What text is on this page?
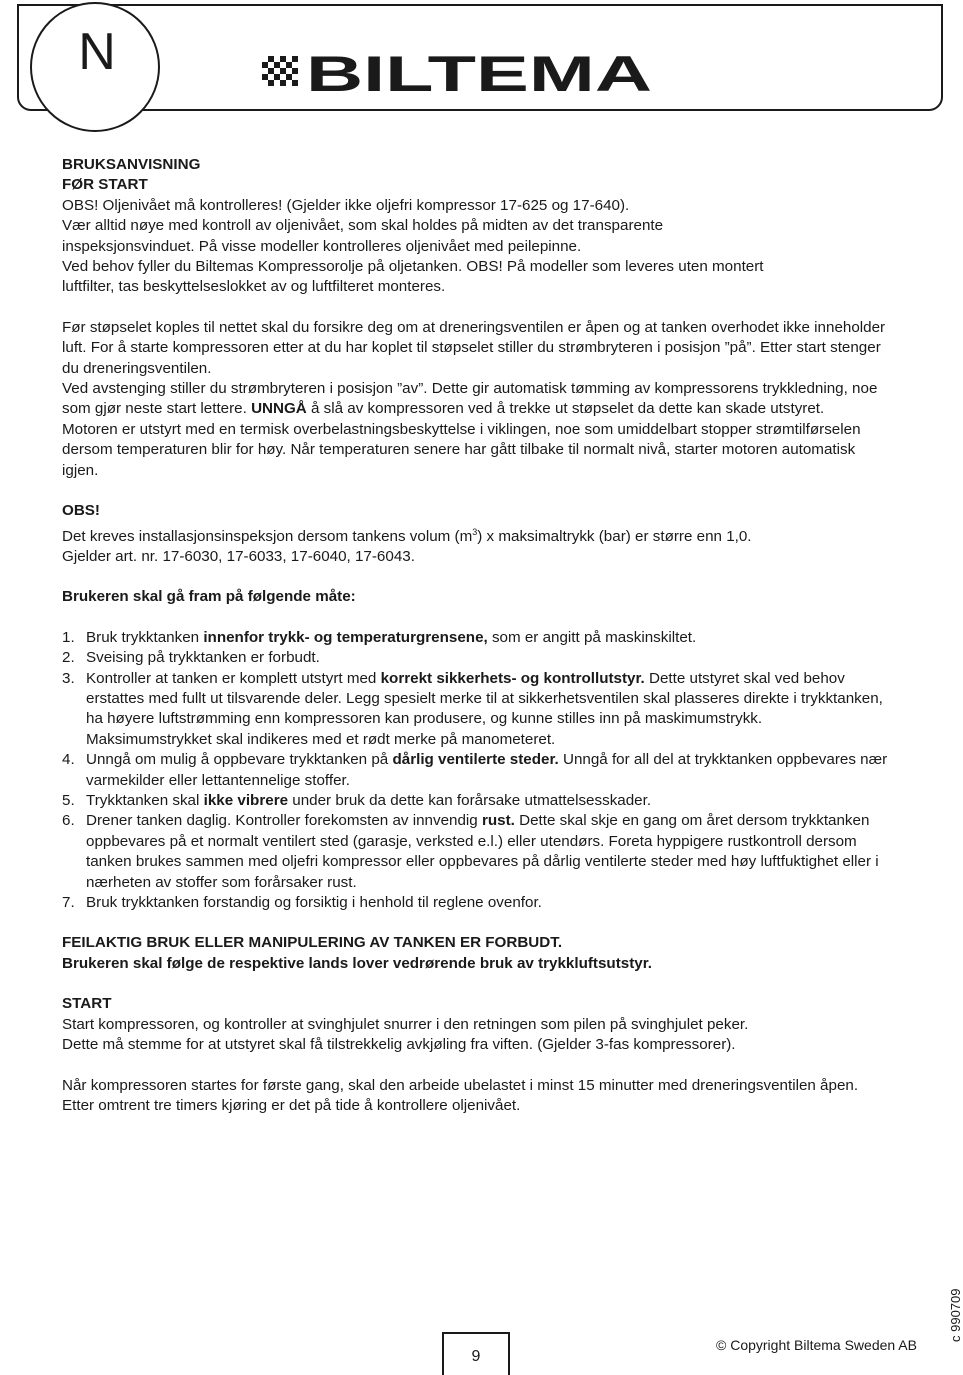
N	BILTEMA

BRUKSANVISNING

FØR START

OBS! Oljenivået må kontrolleres! (Gjelder ikke oljefri kompressor 17-625 og 17-640).

Vær alltid nøye med kontroll av oljenivået, som skal holdes på midten av det transparente

inspeksjonsvinduet. På visse modeller kontrolleres oljenivået med peilepinne.

Ved behov fyller du Biltemas Kompressorolje på oljetanken. OBS! På modeller som leveres uten montert

luftfilter, tas beskyttelseslokket av og luftfilteret monteres.

Før støpselet koples til nettet skal du forsikre deg om at dreneringsventilen er åpen og at tanken overhodet ikke inneholder luft. For å starte kompressoren etter at du har koplet til støpselet stiller du strømbryteren i posisjon ”på”. Etter start stenger du dreneringsventilen.

Ved avstenging stiller du strømbryteren i posisjon ”av”. Dette gir automatisk tømming av kompressorens trykkledning, noe som gjør neste start lettere. UNNGÅ å slå av kompressoren ved å trekke ut støpselet da dette kan skade utstyret.

Motoren er utstyrt med en termisk overbelastningsbeskyttelse i viklingen, noe som umiddelbart stopper strømtilførselen dersom temperaturen blir for høy. Når temperaturen senere har gått tilbake til normalt nivå, starter motoren automatisk igjen.

OBS!

Det kreves installasjonsinspeksjon dersom tankens volum $(m^3)$ x maksimaltrykk (bar) er større enn 1,0.

Gjelder art. nr. 17-6030, 17-6033, 17-6040, 17-6043.

Brukeren skal gå fram på følgende måte:

1. Bruk trykktanken innenfor trykk- og temperaturgrensene, som er angitt på maskinskiltet.
2. Sveising på trykktanken er forbudt.
3. Kontroller at tanken er komplett utstyrt med korrekt sikkerhets- og kontrollutstyr. Dette utstyret skal ved behov erstattes med fullt ut tilsvarende deler. Legg spesielt merke til at sikkerhetsventilen skal plasseres direkte i trykktanken, ha høyere luftstrømming enn kompressoren kan produsere, og kunne stilles inn på maskimumstrykk. Maksimumstrykket skal indikeres med et rødt merke på manometeret.
4. Unngå om mulig å oppbevare trykktanken på dårlig ventilerte steder. Unngå for all del at trykktanken oppbevares nær varmekilder eller lettantennelige stoffer.
5. Trykktanken skal ikke vibrere under bruk da dette kan forårsake utmattelsesskader.
6. Drener tanken daglig. Kontroller forekomsten av innvendig rust. Dette skal skje en gang om året dersom trykktanken oppbevares på et normalt ventilert sted (garasje, verksted e.l.) eller utendørs. Foreta hyppigere rustkontroll dersom tanken brukes sammen med oljefri kompressor eller oppbevares på dårlig ventilerte steder med høy luftfuktighet eller i nærheten av stoffer som forårsaker rust.
7. Bruk trykktanken forstandig og forsiktig i henhold til reglene ovenfor.

FEILAKTIG BRUK ELLER MANIPULERING AV TANKEN ER FORBUDT.

Brukeren skal følge de respektive lands lover vedrørende bruk av trykkluftsutstyr.

START

Start kompressoren, og kontroller at svinghjulet snurrer i den retningen som pilen på svinghjulet peker.

Dette må stemme for at utstyret skal få tilstrekkelig avkjøling fra viften. (Gjelder 3-fas kompressorer).

Når kompressoren startes for første gang, skal den arbeide ubelastet i minst 15 minutter med dreneringsventilen åpen. Etter omtrent tre timers kjøring er det på tide å kontrollere oljenivået.

9
© Copyright Biltema Sweden AB
c 990709
